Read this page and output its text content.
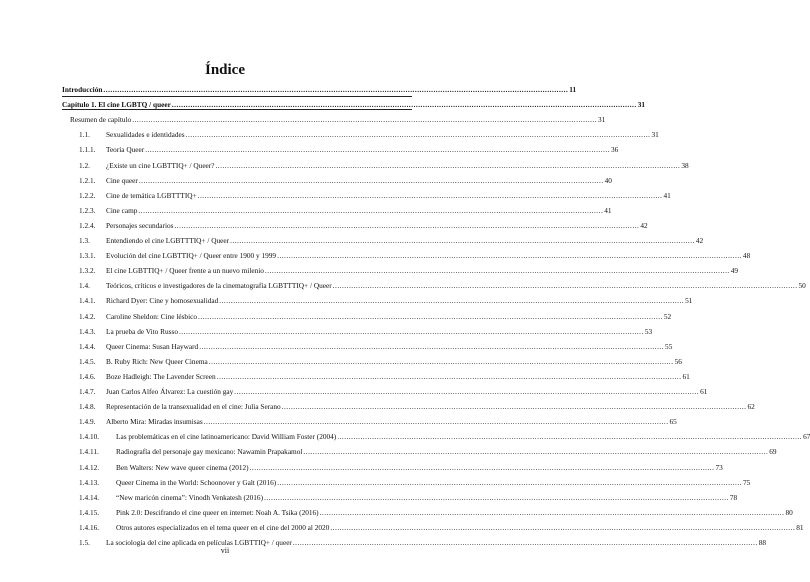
Índice
Introducción ........................................................................................................................................................................................................ 11
Capítulo 1. El cine LGBTQ / queer ........................................................................................................................................................................................................ 31
Resumen de capítulo ........................................................................................................................................................................................................ 31
1.1. Sexualidades e identidades ........................................................................................................................................................................................................ 31
1.1.1. Teoría Queer ........................................................................................................................................................................................................ 36
1.2. ¿Existe un cine LGBTTIQ+ / Queer? ........................................................................................................................................................................................................ 38
1.2.1. Cine queer ........................................................................................................................................................................................................ 40
1.2.2. Cine de temática LGBTTTIQ+ ........................................................................................................................................................................................................ 41
1.2.3. Cine camp ........................................................................................................................................................................................................ 41
1.2.4. Personajes secundarios ........................................................................................................................................................................................................ 42
1.3. Entendiendo el cine LGBTTTIQ+ / Queer ........................................................................................................................................................................................................ 42
1.3.1. Evolución del cine LGBTTIQ+ / Queer entre 1900 y 1999 ........................................................................................................................................................................................................ 48
1.3.2. El cine LGBTTIQ+ / Queer frente a un nuevo milenio ........................................................................................................................................................................................................ 49
1.4. Teóricos, críticos e investigadores de la cinematografía LGBTTTIQ+ / Queer ........................................................................................................................................................................................................ 50
1.4.1. Richard Dyer: Cine y homosexualidad ........................................................................................................................................................................................................ 51
1.4.2. Caroline Sheldon: Cine lésbico ........................................................................................................................................................................................................ 52
1.4.3. La prueba de Vito Russo ........................................................................................................................................................................................................ 53
1.4.4. Queer Cinema: Susan Hayward ........................................................................................................................................................................................................ 55
1.4.5. B. Ruby Rich: New Queer Cinema ........................................................................................................................................................................................................ 56
1.4.6. Boze Hadleigh: The Lavender Screen ........................................................................................................................................................................................................ 61
1.4.7. Juan Carlos Alfeo Álvarez: La cuestión gay ........................................................................................................................................................................................................ 61
1.4.8. Representación de la transexualidad en el cine: Julia Serano ........................................................................................................................................................................................................ 62
1.4.9. Alberto Mira: Miradas insumisas ........................................................................................................................................................................................................ 65
1.4.10. Las problemáticas en el cine latinoamericano: David William Foster (2004) ........................................................................................................................................................................................................ 67
1.4.11. Radiografía del personaje gay mexicano: Nawamin Prapakamol ........................................................................................................................................................................................................ 69
1.4.12. Ben Walters: New wave queer cinema (2012) ........................................................................................................................................................................................................ 73
1.4.13. Queer Cinema in the World: Schoonover y Galt (2016) ........................................................................................................................................................................................................ 75
1.4.14. “New maricón cinema”: Vinodh Venkatesh (2016) ........................................................................................................................................................................................................ 78
1.4.15. Pink 2.0: Descifrando el cine queer en internet: Noah A. Tsika (2016) ........................................................................................................................................................................................................ 80
1.4.16. Otros autores especializados en el tema queer en el cine del 2000 al 2020 ........................................................................................................................................................................................................ 81
1.5. La sociología del cine aplicada en películas LGBTTIQ+ / queer ........................................................................................................................................................................................................ 88
vii
